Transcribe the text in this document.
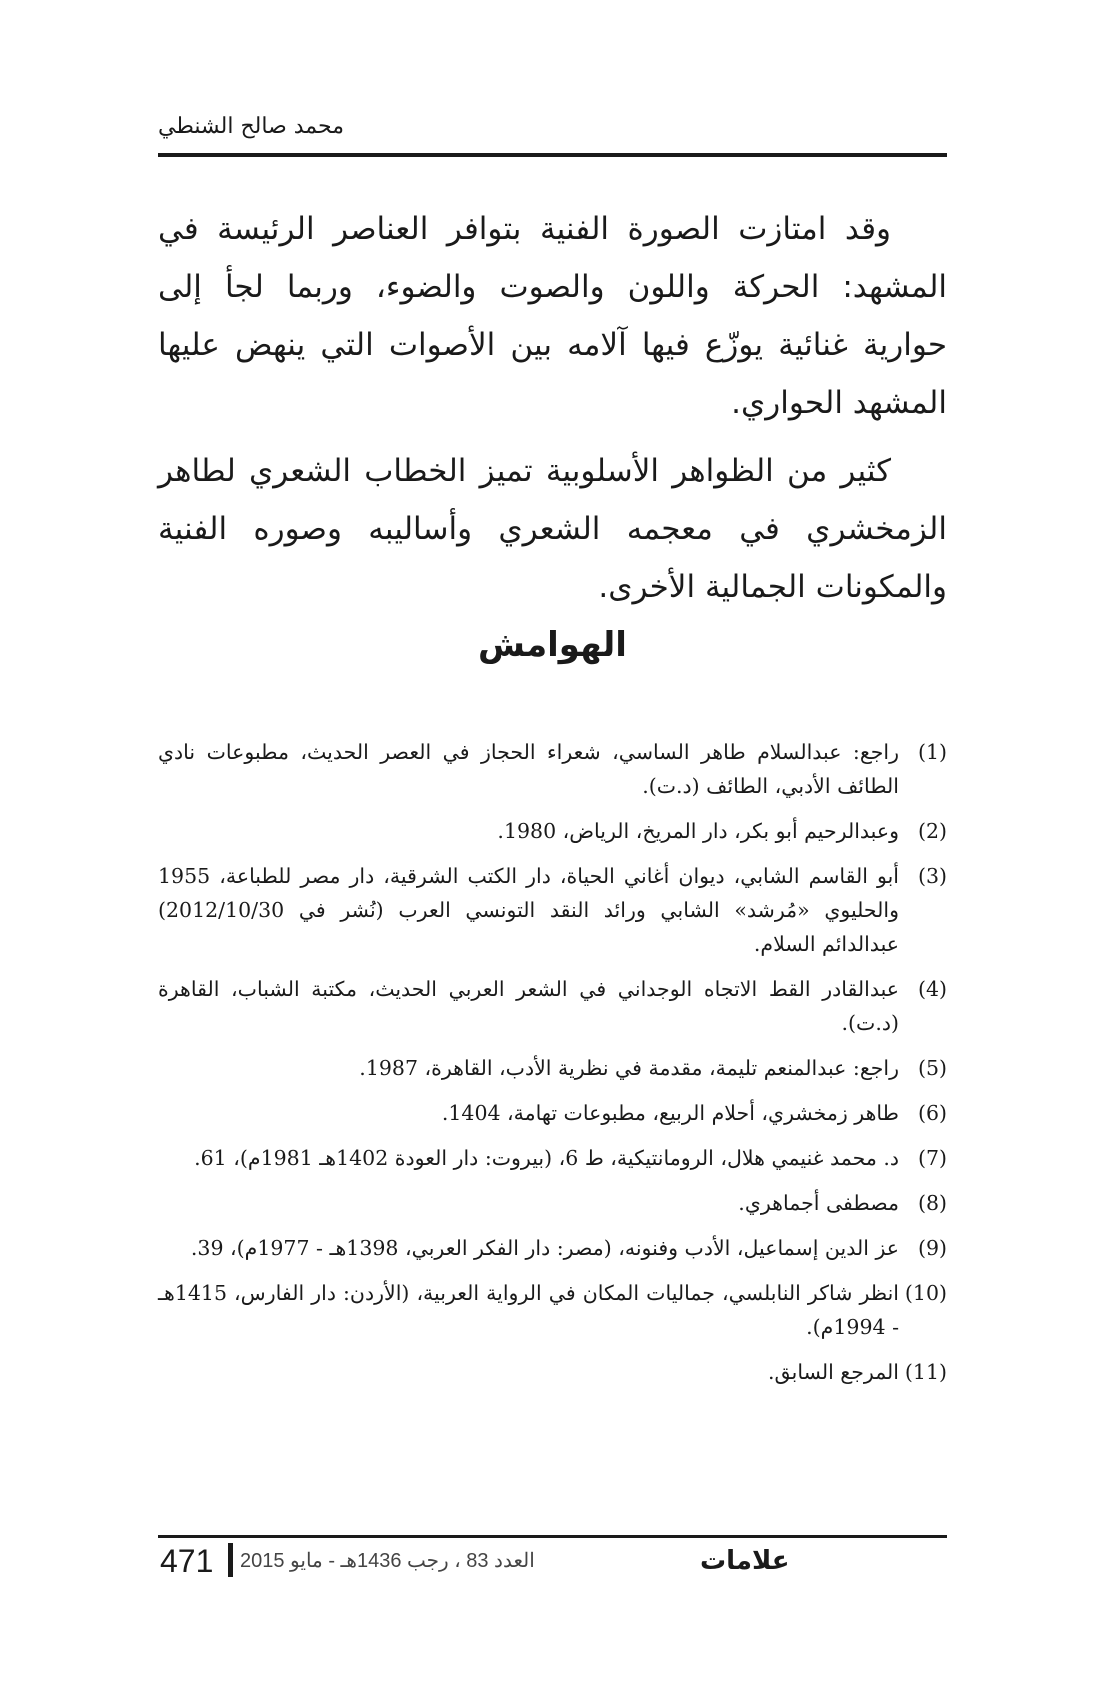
محمد صالح الشنطي

وقد امتازت الصورة الفنية بتوافر العناصر الرئيسة في المشهد: الحركة واللون والصوت والضوء، وربما لجأ إلى حوارية غنائية يوزّع فيها آلامه بين الأصوات التي ينهض عليها المشهد الحواري.

كثير من الظواهر الأسلوبية تميز الخطاب الشعري لطاهر الزمخشري في معجمه الشعري وأساليبه وصوره الفنية والمكونات الجمالية الأخرى.

الهوامش
(1)
راجع: عبدالسلام طاهر الساسي، شعراء الحجاز في العصر الحديث، مطبوعات نادي الطائف الأدبي، الطائف (د.ت).
(2)
وعبدالرحيم أبو بكر، دار المريخ، الرياض، 1980.
(3)
أبو القاسم الشابي، ديوان أغاني الحياة، دار الكتب الشرقية، دار مصر للطباعة، 1955 والحليوي «مُرشد» الشابي ورائد النقد التونسي العرب (نُشر في 2012/10/30) عبدالدائم السلام.
(4)
عبدالقادر القط الاتجاه الوجداني في الشعر العربي الحديث، مكتبة الشباب، القاهرة (د.ت).
(5)
راجع: عبدالمنعم تليمة، مقدمة في نظرية الأدب، القاهرة، 1987.
(6)
طاهر زمخشري، أحلام الربيع، مطبوعات تهامة، 1404.
(7)
د. محمد غنيمي هلال، الرومانتيكية، ط 6، (بيروت: دار العودة 1402هـ 1981م)، 61.
(8)
مصطفى أجماهري.
(9)
عز الدين إسماعيل، الأدب وفنونه، (مصر: دار الفكر العربي، 1398هـ - 1977م)، 39.
(10)
انظر شاكر النابلسي، جماليات المكان في الرواية العربية، (الأردن: دار الفارس، 1415هـ - 1994م).
(11)
المرجع السابق.
471 العدد 83 ، رجب 1436هـ - مايو 2015	علامات
